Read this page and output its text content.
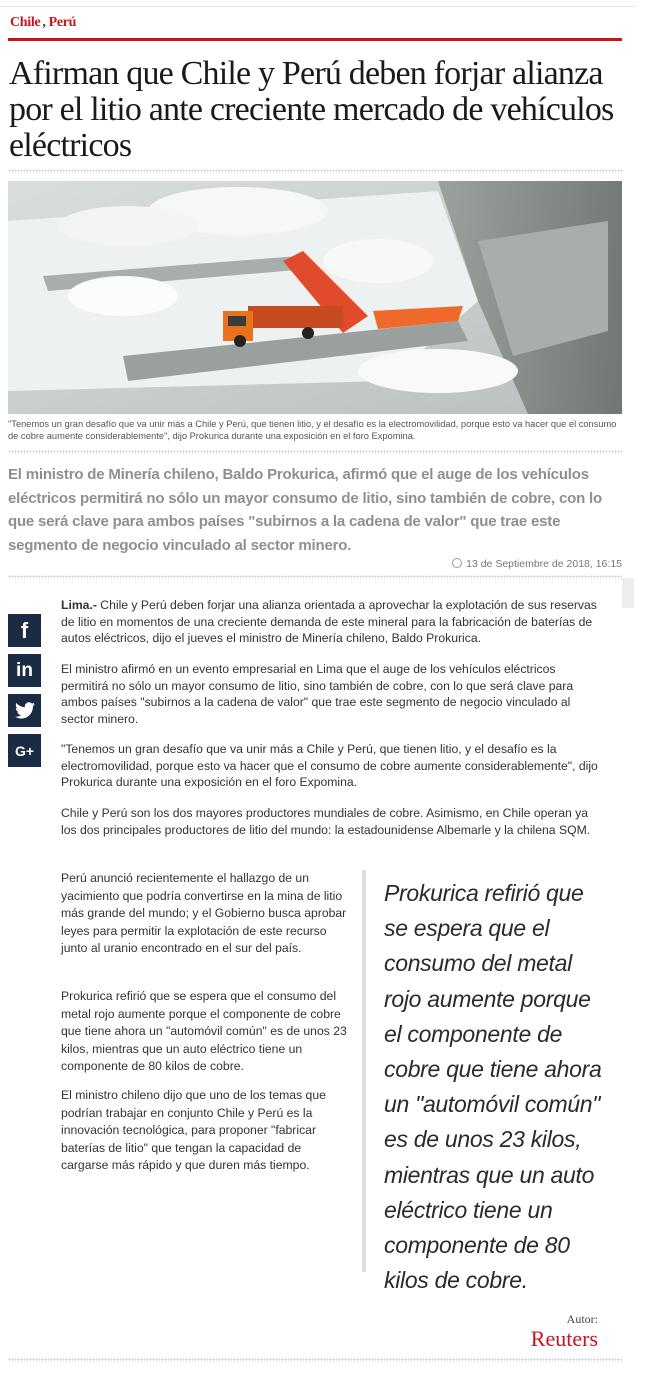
Chile , Perú
Afirman que Chile y Perú deben forjar alianza por el litio ante creciente mercado de vehículos eléctricos
"Tenemos un gran desafío que va unir más a Chile y Perú, que tienen litio, y el desafío es la electromovilidad, porque esto va hacer que el consumo de cobre aumente considerablemente", dijo Prokurica durante una exposición en el foro Expomina.
El ministro de Minería chileno, Baldo Prokurica, afirmó que el auge de los vehículos eléctricos permitirá no sólo un mayor consumo de litio, sino también de cobre, con lo que será clave para ambos países "subirnos a la cadena de valor" que trae este segmento de negocio vinculado al sector minero.
13 de Septiembre de 2018, 16:15
f
in
G+

Lima.- Chile y Perú deben forjar una alianza orientada a aprovechar la explotación de sus reservas de litio en momentos de una creciente demanda de este mineral para la fabricación de baterías de autos eléctricos, dijo el jueves el ministro de Minería chileno, Baldo Prokurica.

El ministro afirmó en un evento empresarial en Lima que el auge de los vehículos eléctricos permitirá no sólo un mayor consumo de litio, sino también de cobre, con lo que será clave para ambos países "subirnos a la cadena de valor" que trae este segmento de negocio vinculado al sector minero.

"Tenemos un gran desafío que va unir más a Chile y Perú, que tienen litio, y el desafío es la electromovilidad, porque esto va hacer que el consumo de cobre aumente considerablemente", dijo Prokurica durante una exposición en el foro Expomina.

Chile y Perú son los dos mayores productores mundiales de cobre. Asimismo, en Chile operan ya los dos principales productores de litio del mundo: la estadounidense Albemarle y la chilena SQM.

Perú anunció recientemente el hallazgo de un yacimiento que podría convertirse en la mina de litio más grande del mundo; y el Gobierno busca aprobar leyes para permitir la explotación de este recurso junto al uranio encontrado en el sur del país.

Prokurica refirió que se espera que el consumo del metal rojo aumente porque el componente de cobre que tiene ahora un "automóvil común" es de unos 23 kilos, mientras que un auto eléctrico tiene un componente de 80 kilos de cobre.

El ministro chileno dijo que uno de los temas que podrían trabajar en conjunto Chile y Perú es la innovación tecnológica, para proponer "fabricar baterías de litio" que tengan la capacidad de cargarse más rápido y que duren más tiempo.

Prokurica refirió que se espera que el consumo del metal rojo aumente porque el componente de cobre que tiene ahora un "automóvil común" es de unos 23 kilos, mientras que un auto eléctrico tiene un componente de 80 kilos de cobre.

Autor:
Reuters
